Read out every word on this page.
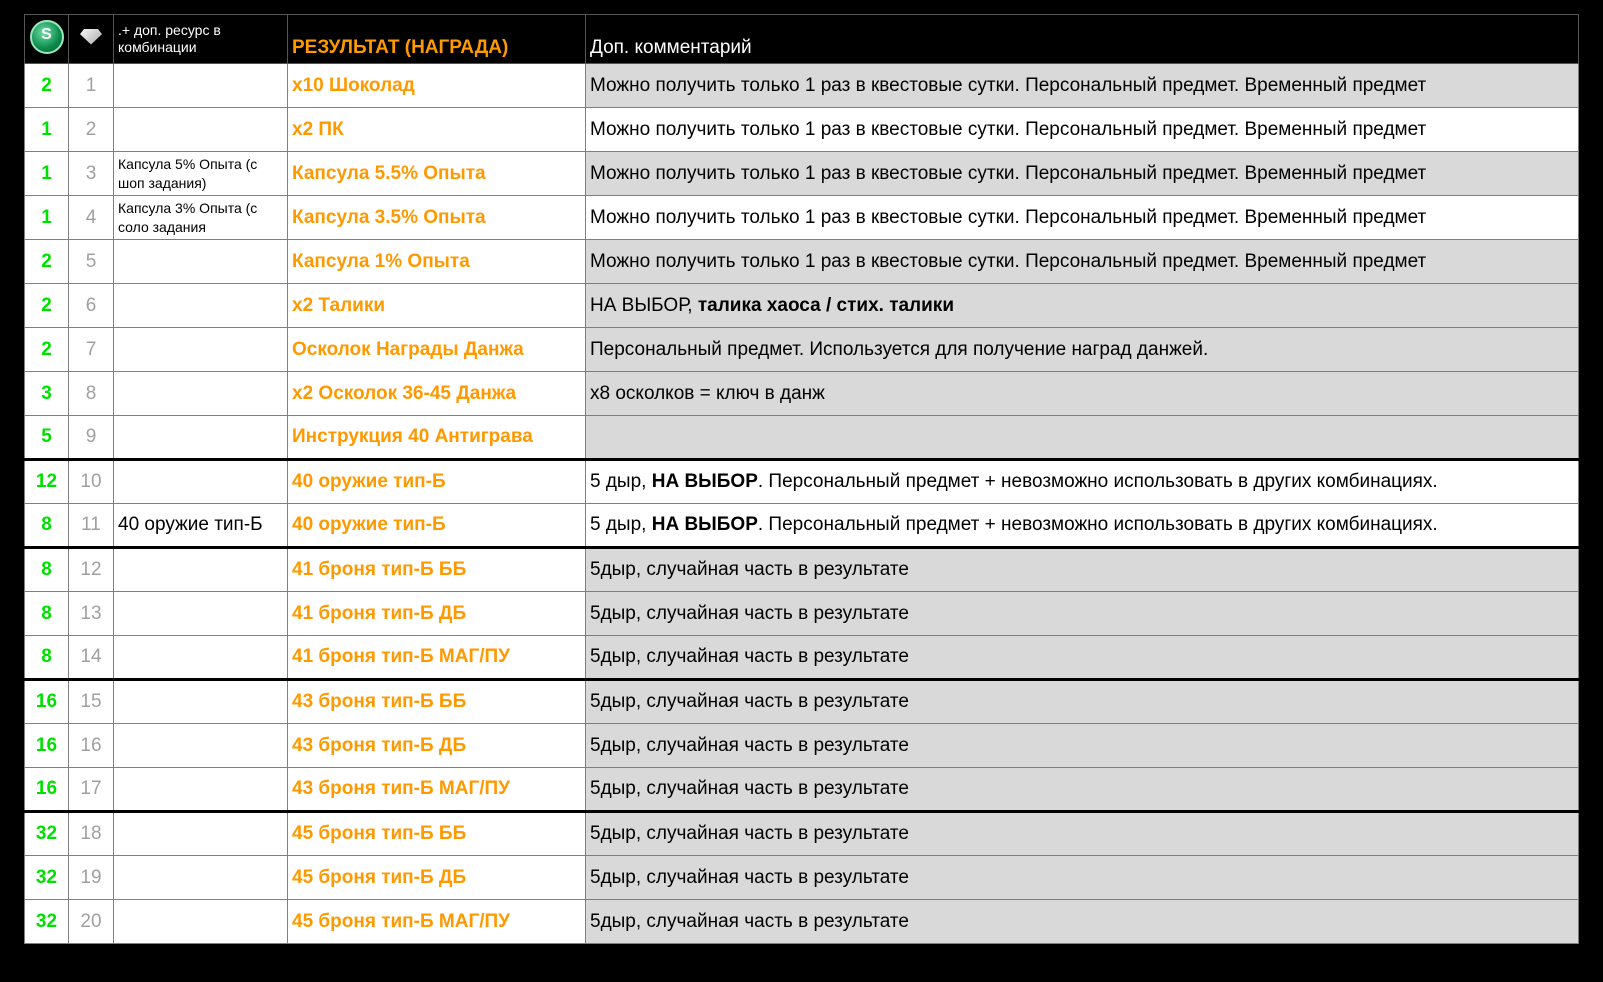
S		.+ доп. ресурс в комбинации	РЕЗУЛЬТАТ (НАГРАДА)	Доп. комментарий
2	1		x10 Шоколад	Можно получить только 1 раз в квестовые сутки. Персональный предмет. Временный предмет
1	2		x2 ПК	Можно получить только 1 раз в квестовые сутки. Персональный предмет. Временный предмет
1	3	Капсула 5% Опыта (с шоп задания)	Капсула 5.5% Опыта	Можно получить только 1 раз в квестовые сутки. Персональный предмет. Временный предмет
1	4	Капсула 3% Опыта (с соло задания	Капсула 3.5% Опыта	Можно получить только 1 раз в квестовые сутки. Персональный предмет. Временный предмет
2	5		Капсула 1% Опыта	Можно получить только 1 раз в квестовые сутки. Персональный предмет. Временный предмет
2	6		x2 Талики	НА ВЫБОР, талика хаоса / стих. талики
2	7		Осколок Награды Данжа	Персональный предмет. Используется для получение наград данжей.
3	8		x2 Осколок 36-45 Данжа	x8 осколков = ключ в данж
5	9		Инструкция 40 Антиграва	
12	10		40 оружие тип-Б	5 дыр, НА ВЫБОР. Персональный предмет + невозможно использовать в других комбинациях.
8	11	40 оружие тип-Б	40 оружие тип-Б	5 дыр, НА ВЫБОР. Персональный предмет + невозможно использовать в других комбинациях.
8	12		41 броня тип-Б ББ	5дыр, случайная часть в результате
8	13		41 броня тип-Б ДБ	5дыр, случайная часть в результате
8	14		41 броня тип-Б МАГ/ПУ	5дыр, случайная часть в результате
16	15		43 броня тип-Б ББ	5дыр, случайная часть в результате
16	16		43 броня тип-Б ДБ	5дыр, случайная часть в результате
16	17		43 броня тип-Б МАГ/ПУ	5дыр, случайная часть в результате
32	18		45 броня тип-Б ББ	5дыр, случайная часть в результате
32	19		45 броня тип-Б ДБ	5дыр, случайная часть в результате
32	20		45 броня тип-Б МАГ/ПУ	5дыр, случайная часть в результате
